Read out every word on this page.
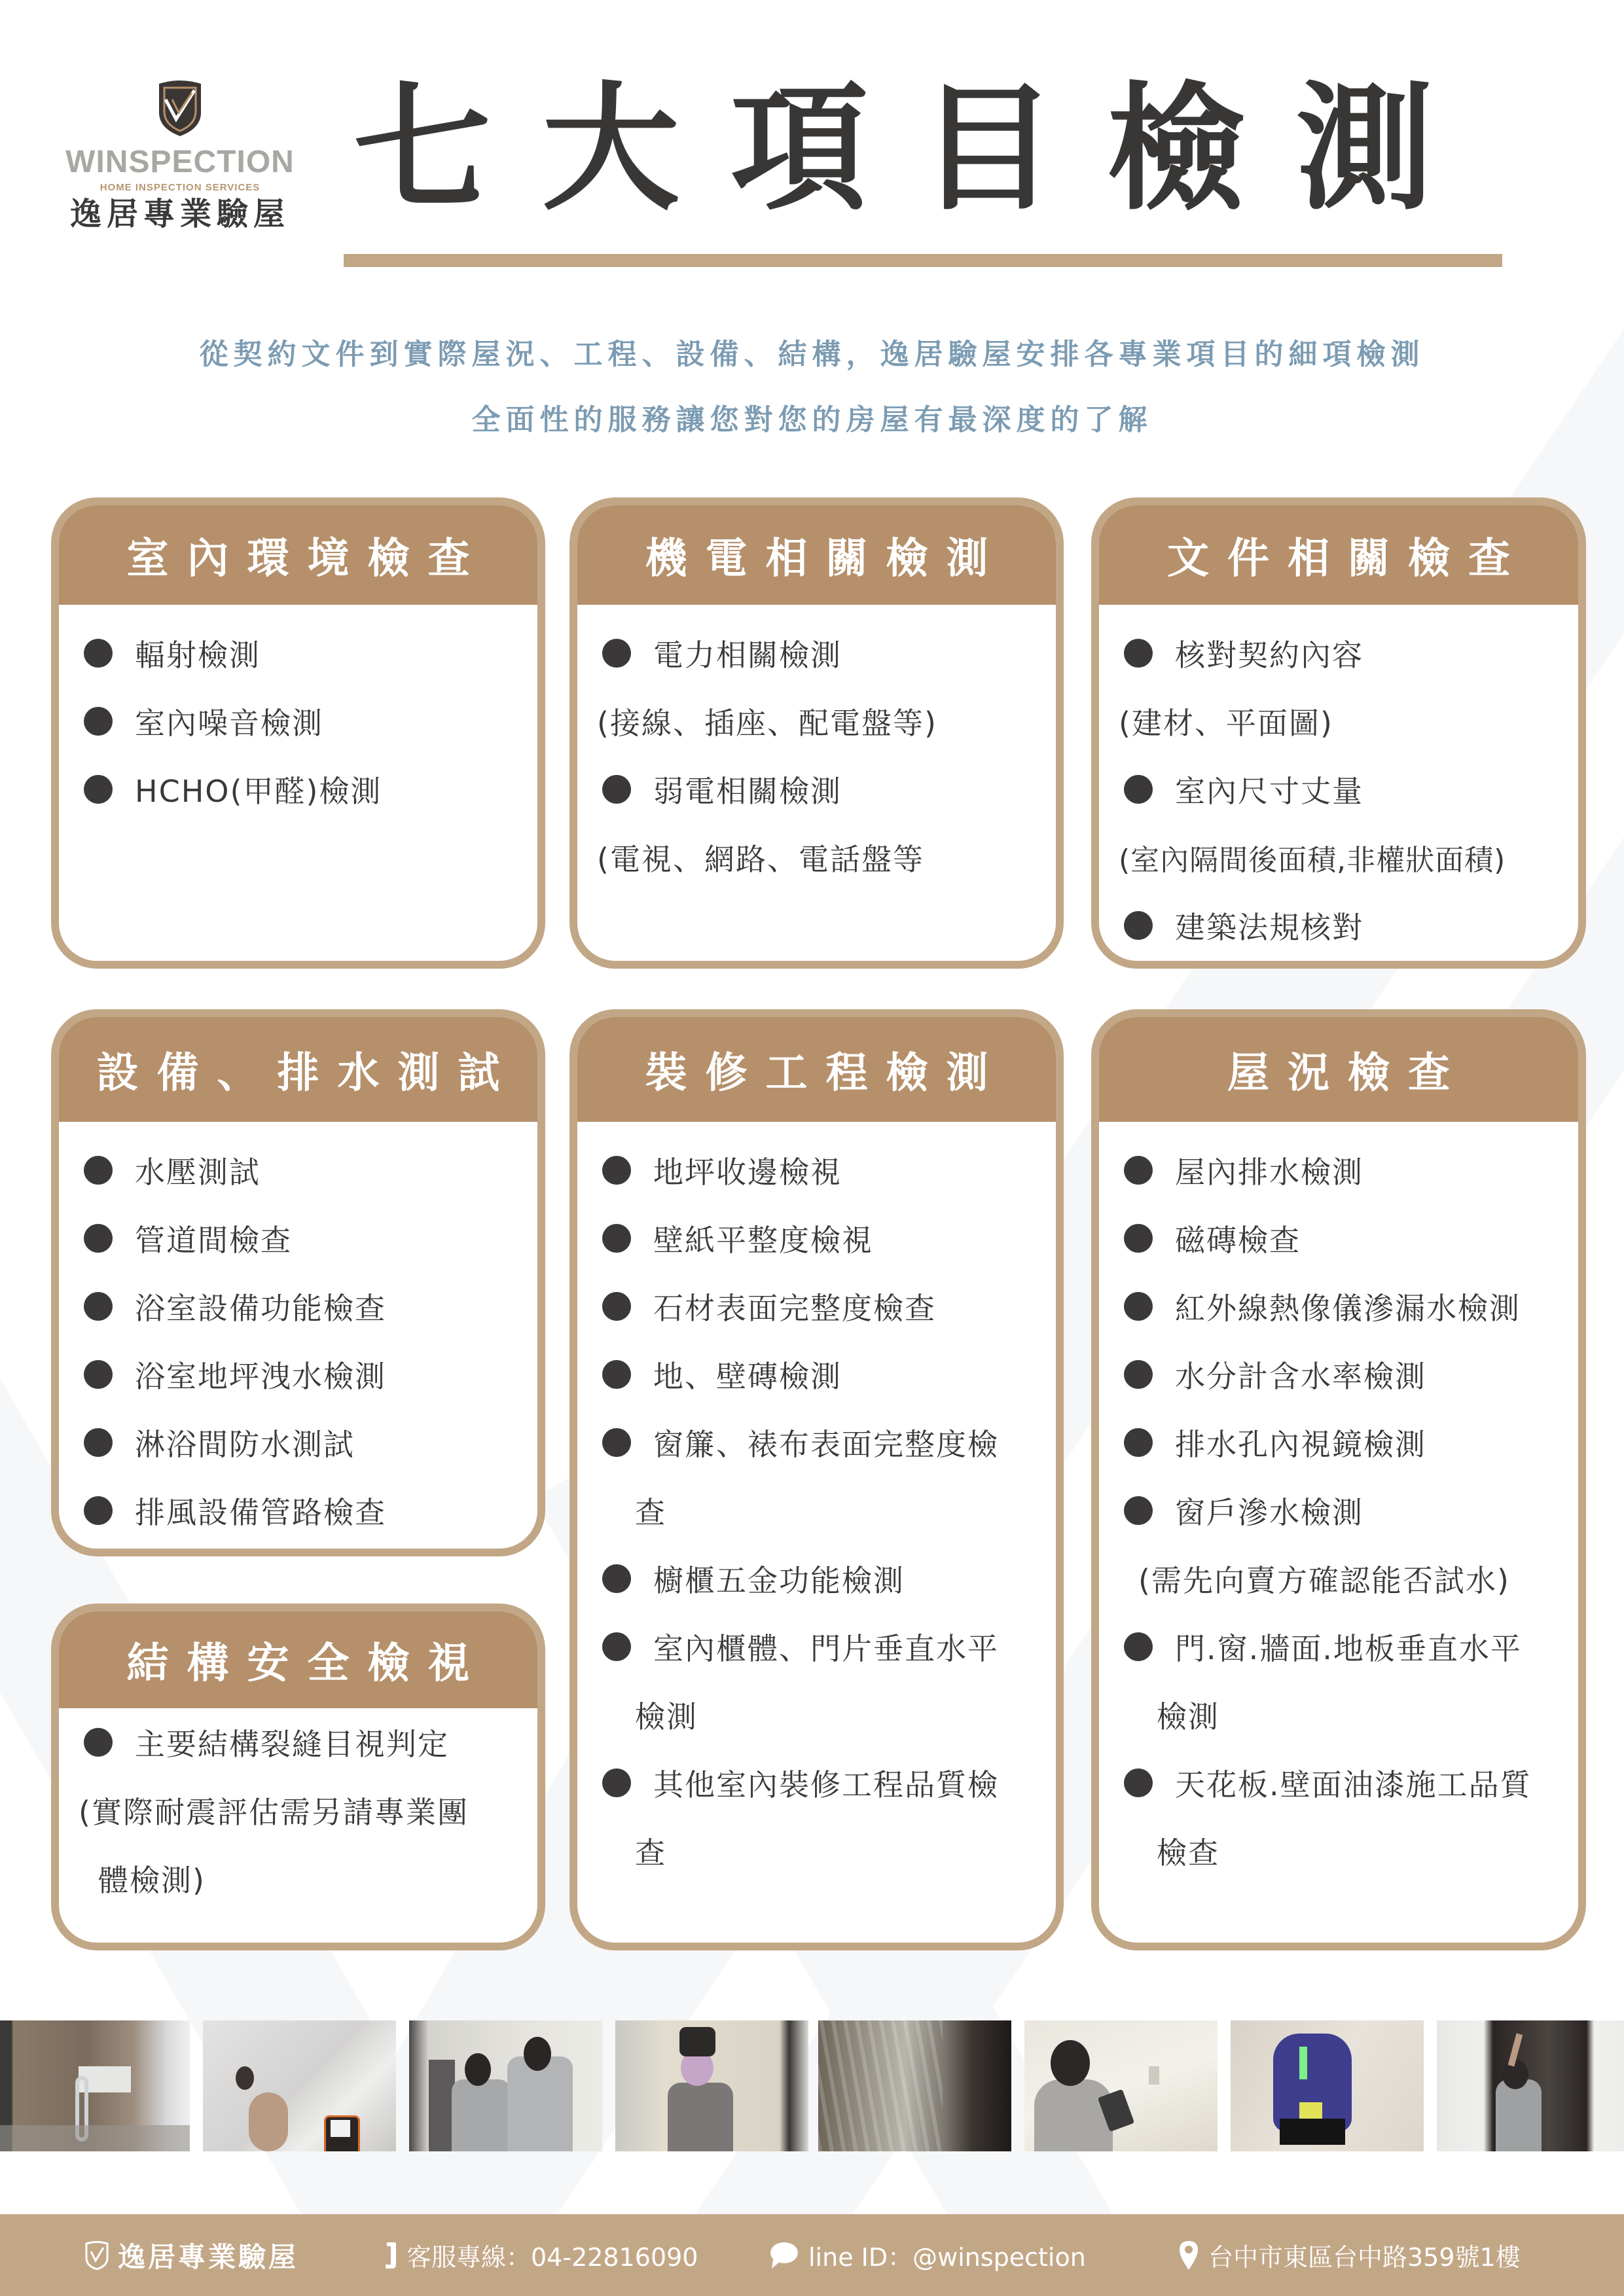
WINSPECTION
HOME INSPECTION SERVICES
逸居專業驗屋 七大項目檢測
從契約文件到實際屋況、工程、設備、結構，逸居驗屋安排各專業項目的細項檢測
全面性的服務讓您對您的房屋有最深度的了解
室內環境檢查
輻射檢測
室內噪音檢測
HCHO(甲醛)檢測
機電相關檢測
電力相關檢測
(接線、插座、配電盤等)
弱電相關檢測
(電視、網路、電話盤等
文件相關檢查
核對契約內容
(建材、平面圖)
室內尺寸丈量
(室內隔間後面積,非權狀面積)
建築法規核對
設備、排水測試
水壓測試
管道間檢查
浴室設備功能檢查
浴室地坪洩水檢測
淋浴間防水測試
排風設備管路檢查
裝修工程檢測
地坪收邊檢視
壁紙平整度檢視
石材表面完整度檢查
地、壁磚檢測
窗簾、裱布表面完整度檢
查
櫥櫃五金功能檢測
室內櫃體、門片垂直水平
檢測
其他室內裝修工程品質檢
查
屋況檢查
屋內排水檢測
磁磚檢查
紅外線熱像儀滲漏水檢測
水分計含水率檢測
排水孔內視鏡檢測
窗戶滲水檢測
(需先向賣方確認能否試水)
門.窗.牆面.地板垂直水平
檢測
天花板.壁面油漆施工品質
檢查
結構安全檢視
主要結構裂縫目視判定
(實際耐震評估需另請專業團
體檢測)
逸居專業驗屋	客服專線：04-22816090	line ID：@winspection	台中市東區台中路359號1樓
